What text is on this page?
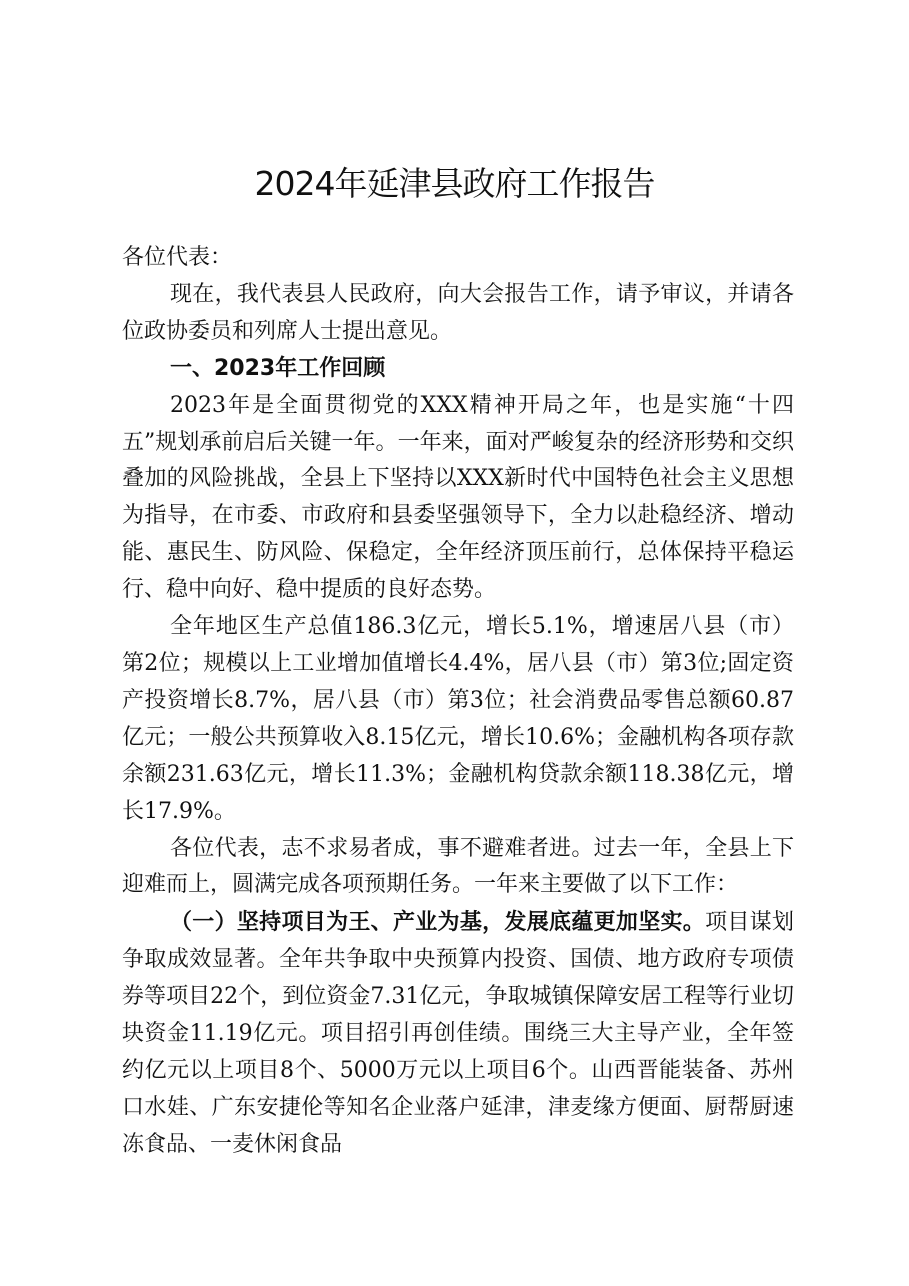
2024年延津县政府工作报告

各位代表：

现在，我代表县人民政府，向大会报告工作，请予审议，并请各位政协委员和列席人士提出意见。

一、2023年工作回顾

2023年是全面贯彻党的XXX精神开局之年，也是实施“十四五”规划承前启后关键一年。一年来，面对严峻复杂的经济形势和交织叠加的风险挑战，全县上下坚持以XXX新时代中国特色社会主义思想为指导，在市委、市政府和县委坚强领导下，全力以赴稳经济、增动能、惠民生、防风险、保稳定，全年经济顶压前行，总体保持平稳运行、稳中向好、稳中提质的良好态势。

全年地区生产总值186.3亿元，增长5.1%，增速居八县（市）第2位；规模以上工业增加值增长4.4%，居八县（市）第3位;固定资产投资增长8.7%，居八县（市）第3位；社会消费品零售总额60.87亿元；一般公共预算收入8.15亿元，增长10.6%；金融机构各项存款余额231.63亿元，增长11.3%；金融机构贷款余额118.38亿元，增长17.9%。

各位代表，志不求易者成，事不避难者进。过去一年，全县上下迎难而上，圆满完成各项预期任务。一年来主要做了以下工作：

（一）坚持项目为王、产业为基，发展底蕴更加坚实。项目谋划争取成效显著。全年共争取中央预算内投资、国债、地方政府专项债券等项目22个，到位资金7.31亿元，争取城镇保障安居工程等行业切块资金11.19亿元。项目招引再创佳绩。围绕三大主导产业，全年签约亿元以上项目8个、5000万元以上项目6个。山西晋能装备、苏州口水娃、广东安捷伦等知名企业落户延津，津麦缘方便面、厨帮厨速冻食品、一麦休闲食品
